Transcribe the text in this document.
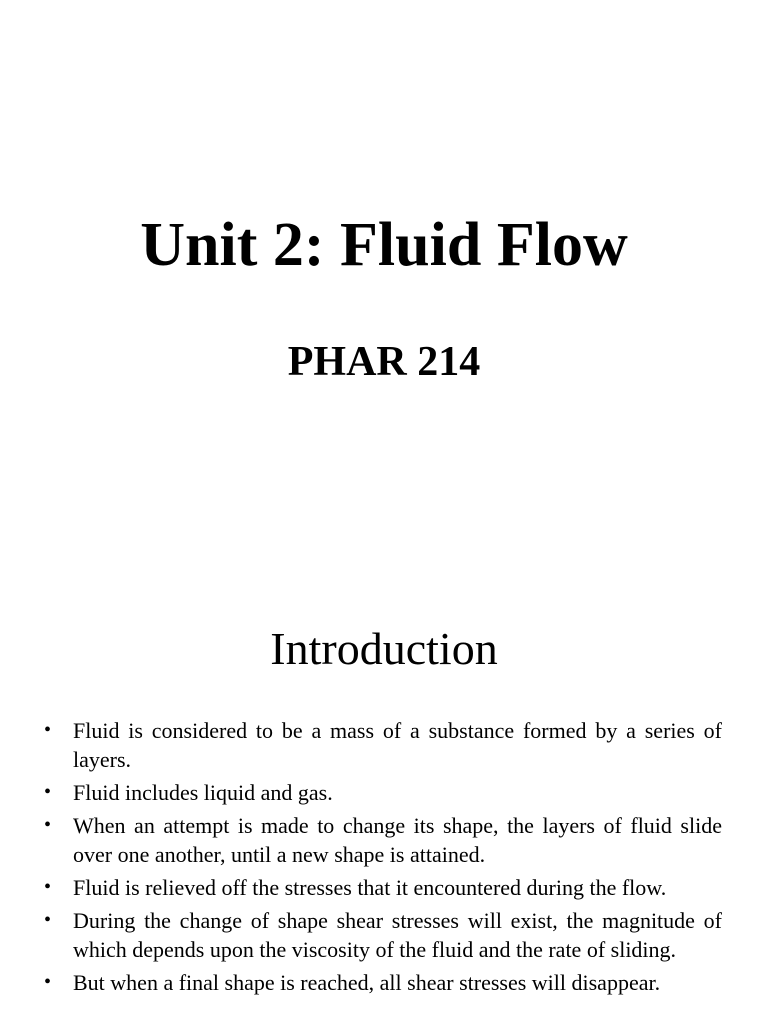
Unit 2: Fluid Flow
PHAR 214
Introduction
• Fluid is considered to be a mass of a substance formed by a series of layers.
• Fluid includes liquid and gas.
• When an attempt is made to change its shape, the layers of fluid slide over one another, until a new shape is attained.
• Fluid is relieved off the stresses that it encountered during the flow.
• During the change of shape shear stresses will exist, the magnitude of which depends upon the viscosity of the fluid and the rate of sliding.
• But when a final shape is reached, all shear stresses will disappear.
